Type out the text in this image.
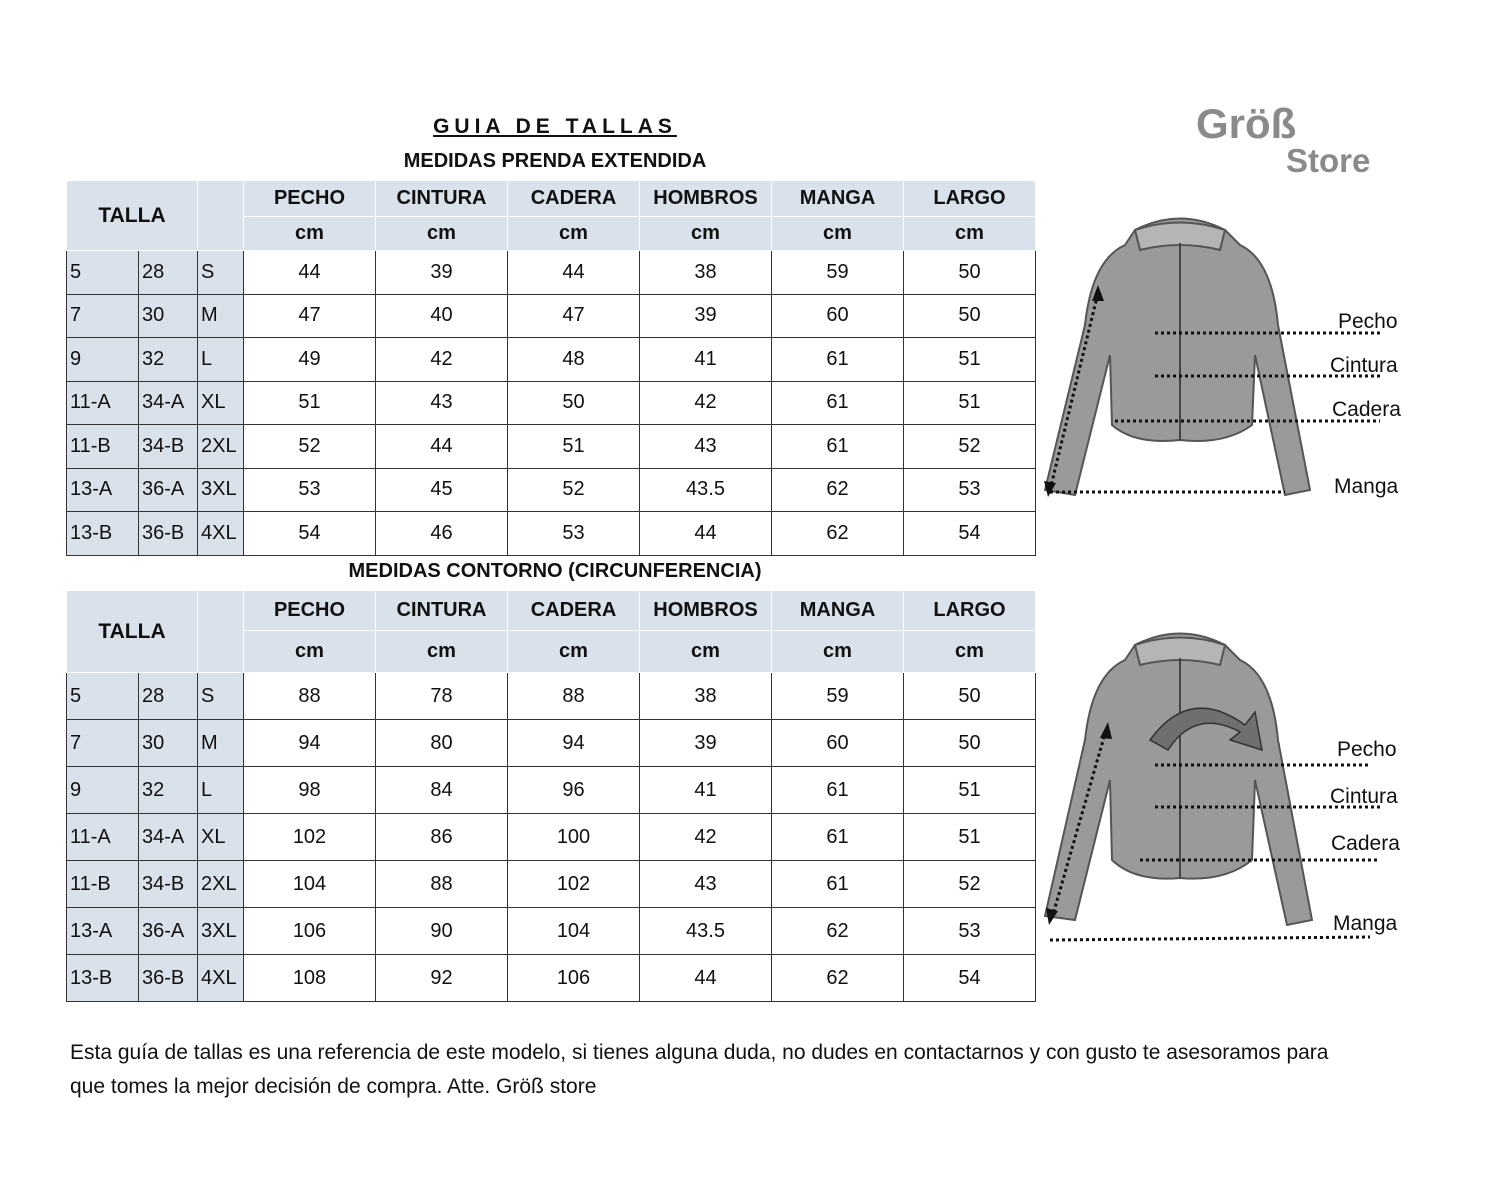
Größ
Store
GUIA DE TALLAS
MEDIDAS PRENDA EXTENDIDA
MEDIDAS CONTORNO (CIRCUNFERENCIA)
TALLA			PECHO	CINTURA	CADERA	HOMBROS	MANGA	LARGO
			cm	cm	cm	cm	cm	cm
5	28	S	44	39	44	38	59	50
7	30	M	47	40	47	39	60	50
9	32	L	49	42	48	41	61	51
11-A	34-A	XL	51	43	50	42	61	51
11-B	34-B	2XL	52	44	51	43	61	52
13-A	36-A	3XL	53	45	52	43.5	62	53
13-B	36-B	4XL	54	46	53	44	62	54
TALLA			PECHO	CINTURA	CADERA	HOMBROS	MANGA	LARGO
			cm	cm	cm	cm	cm	cm
5	28	S	88	78	88	38	59	50
7	30	M	94	80	94	39	60	50
9	32	L	98	84	96	41	61	51
11-A	34-A	XL	102	86	100	42	61	51
11-B	34-B	2XL	104	88	102	43	61	52
13-A	36-A	3XL	106	90	104	43.5	62	53
13-B	36-B	4XL	108	92	106	44	62	54
Pecho
Cintura
Cadera
Manga
Pecho
Cintura
Cadera
Manga
Esta guía de tallas es una referencia de este modelo, si tienes alguna duda, no dudes en contactarnos y con gusto te asesoramos para que tomes la mejor decisión de compra. Atte. Größ store
